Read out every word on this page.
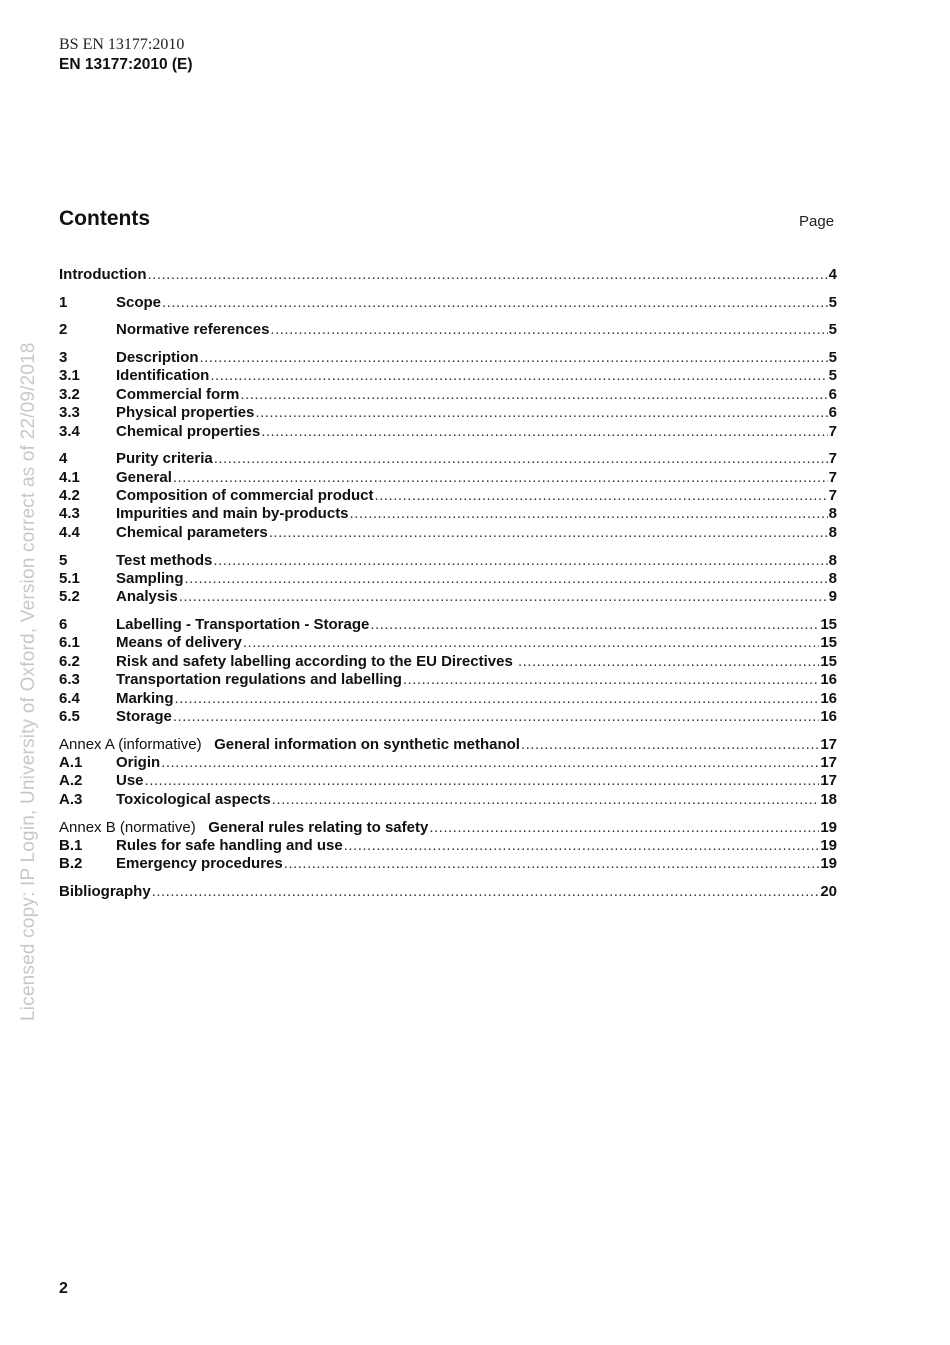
BS EN 13177:2010
EN 13177:2010 (E)
Licensed copy: IP Login, University of Oxford, Version correct as of 22/09/2018
Contents	Page
Introduction .....	4
1	Scope .....	5
2	Normative references .....	5
3	Description .....	5
3.1	Identification .....	5
3.2	Commercial form .....	6
3.3	Physical properties .....	6
3.4	Chemical properties .....	7
4	Purity criteria .....	7
4.1	General .....	7
4.2	Composition of commercial product .....	7
4.3	Impurities and main by-products .....	8
4.4	Chemical parameters .....	8
5	Test methods .....	8
5.1	Sampling .....	8
5.2	Analysis .....	9
6	Labelling - Transportation - Storage .....	15
6.1	Means of delivery .....	15
6.2	Risk and safety labelling according to the EU Directives .....	15
6.3	Transportation regulations and labelling .....	16
6.4	Marking .....	16
6.5	Storage .....	16
Annex A (informative) General information on synthetic methanol .....	17
A.1	Origin .....	17
A.2	Use .....	17
A.3	Toxicological aspects .....	18
Annex B (normative) General rules relating to safety .....	19
B.1	Rules for safe handling and use .....	19
B.2	Emergency procedures .....	19
Bibliography .....	20
2
